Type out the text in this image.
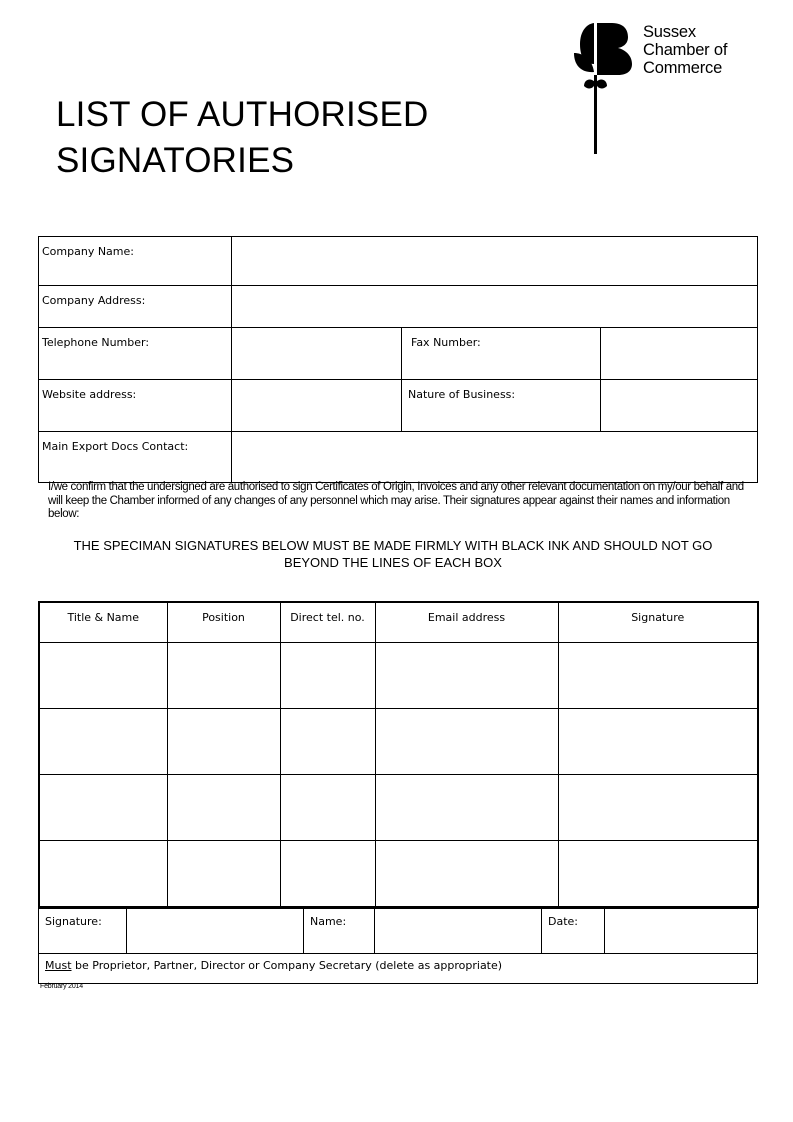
LIST OF AUTHORISED
SIGNATORIES
Sussex
Chamber of
Commerce
Company Name:			

Company Address:			

Telephone Number:		Fax Number:	

Website address:		Nature of Business:	

Main Export Docs Contact:			

I/we confirm that the undersigned are authorised to sign Certificates of Origin, Invoices and any other relevant documentation on my/our behalf and will keep the Chamber informed of any changes of any personnel which may arise. Their signatures appear against their names and information below:

THE SPECIMAN SIGNATURES BELOW MUST BE MADE FIRMLY WITH BLACK INK AND SHOULD NOT GO BEYOND THE LINES OF EACH BOX

Title & Name	Position	Direct tel. no.	Email address	Signature

Signature:		Name:		Date:

Must be Proprietor, Partner, Director or Company Secretary (delete as appropriate)
February 2014
